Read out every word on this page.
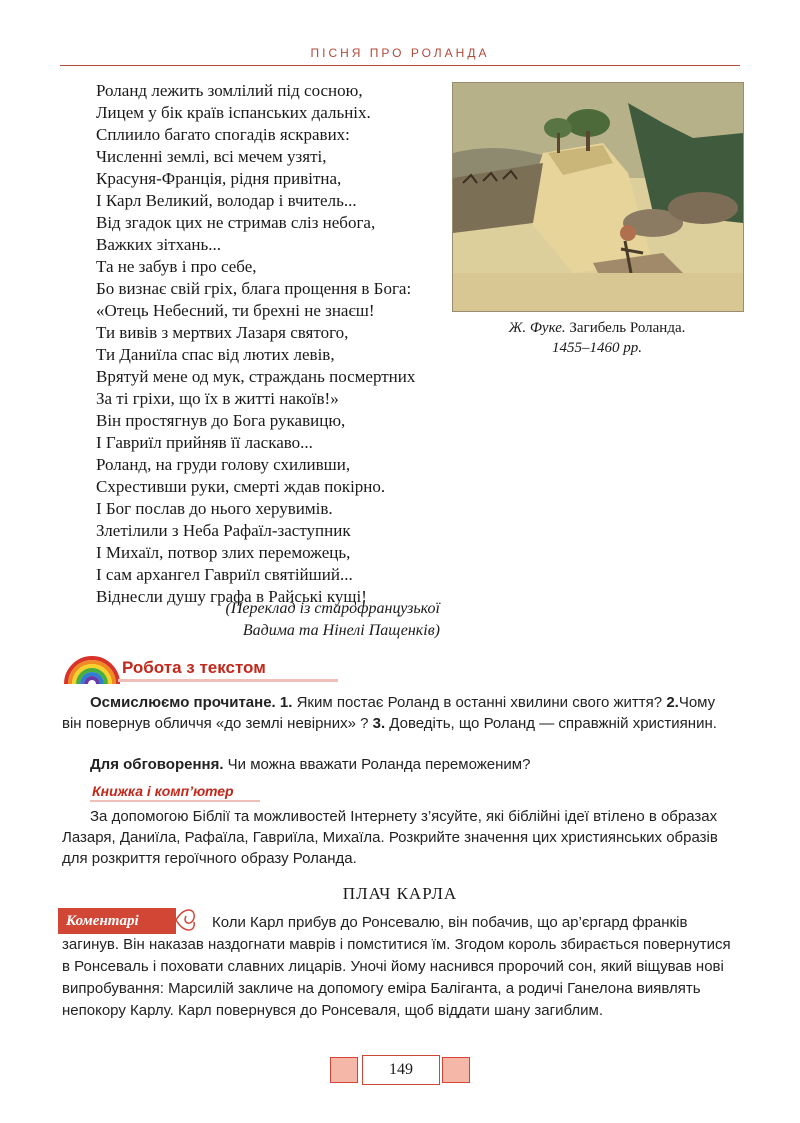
ПІСНЯ ПРО РОЛАНДА
Роланд лежить зомлілий під сосною,
Лицем у бік країв іспанських дальніх.
Сплиило багато спогадів яскравих:
Численні землі, всі мечем узяті,
Красуня-Франція, рідня привітна,
І Карл Великий, володар і вчитель...
Від згадок цих не стримав сліз небога,
Важких зітхань...
Та не забув і про себе,
Бо визнає свій гріх, блага прощення в Бога:
«Отець Небесний, ти брехні не знаєш!
Ти вивів з мертвих Лазаря святого,
Ти Даниїла спас від лютих левів,
Врятуй мене од мук, страждань посмертних
За ті гріхи, що їх в житті накоїв!»
Він простягнув до Бога рукавицю,
І Гавриїл прийняв її ласкаво...
Роланд, на груди голову схиливши,
Схрестивши руки, смерті ждав покірно.
І Бог послав до нього херувимів.
Злетілили з Неба Рафаїл-заступник
І Михаїл, потвор злих переможець,
І сам архангел Гавриїл святійший...
Віднесли душу графа в Райські кущі!
(Переклад із старофранцузької
Вадима та Нінелі Пащенків)
Ж. Фуке. Загибель Роланда.
1455–1460 рр.
Робота з текстом
Осмислюємо прочитане. 1. Яким постає Роланд в останні хвилини свого життя? 2.Чому він повернув обличчя «до землі невірних» ? 3. Доведіть, що Роланд — справжній християнин.
Для обговорення. Чи можна вважати Роланда переможеним?
Книжка і комп’ютер
За допомогою Біблії та можливостей Інтернету з’ясуйте, які біблійні ідеї втілено в образах Лазаря, Даниїла, Рафаїла, Гавриїла, Михаїла. Розкрийте значення цих християнських образів для розкриття героїчного образу Роланда.
ПЛАЧ КАРЛА
Коментарі	Коли Карл прибув до Ронсевалю, він побачив, що ар’єргард франків загинув. Він наказав наздогнати маврів і помститися їм. Згодом король збирається повернутися в Ронсеваль і поховати славних лицарів. Уночі йому наснився пророчий сон, який віщував нові випробування: Марсилій закличе на допомогу еміра Балiганта, а родичі Ганелона виявлять непокору Карлу. Карл повернувся до Ронсеваля, щоб віддати шану загиблим.
149
